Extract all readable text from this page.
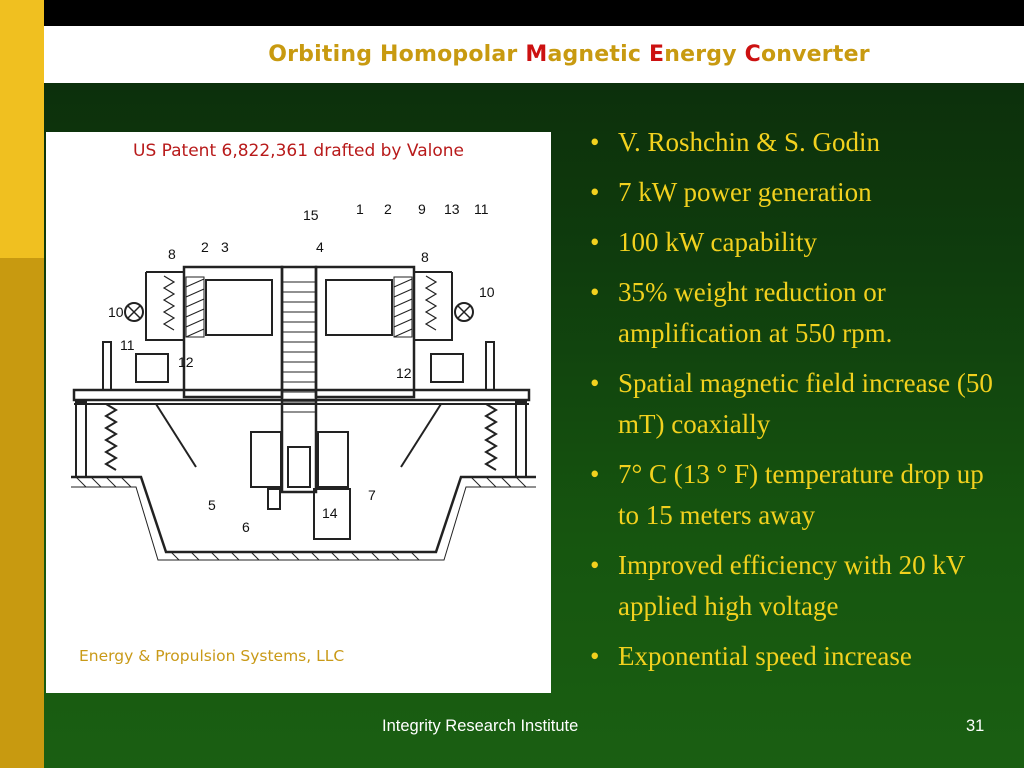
Orbiting Homopolar Magnetic Energy Converter
US Patent 6,822,361 drafted by Valone
15	1 2 9 13 11
8 2 3	4
8
10
10
11
12
12
5
6
14
7
Energy & Propulsion Systems, LLC
• V. Roshchin & S. Godin
• 7 kW power generation
• 100 kW capability
• 35% weight reduction or amplification at 550 rpm.
• Spatial magnetic field increase (50 mT) coaxially
• 7° C (13 ° F) temperature drop up to 15 meters away
• Improved efficiency with 20 kV applied high voltage
• Exponential speed increase
Integrity Research Institute	31
